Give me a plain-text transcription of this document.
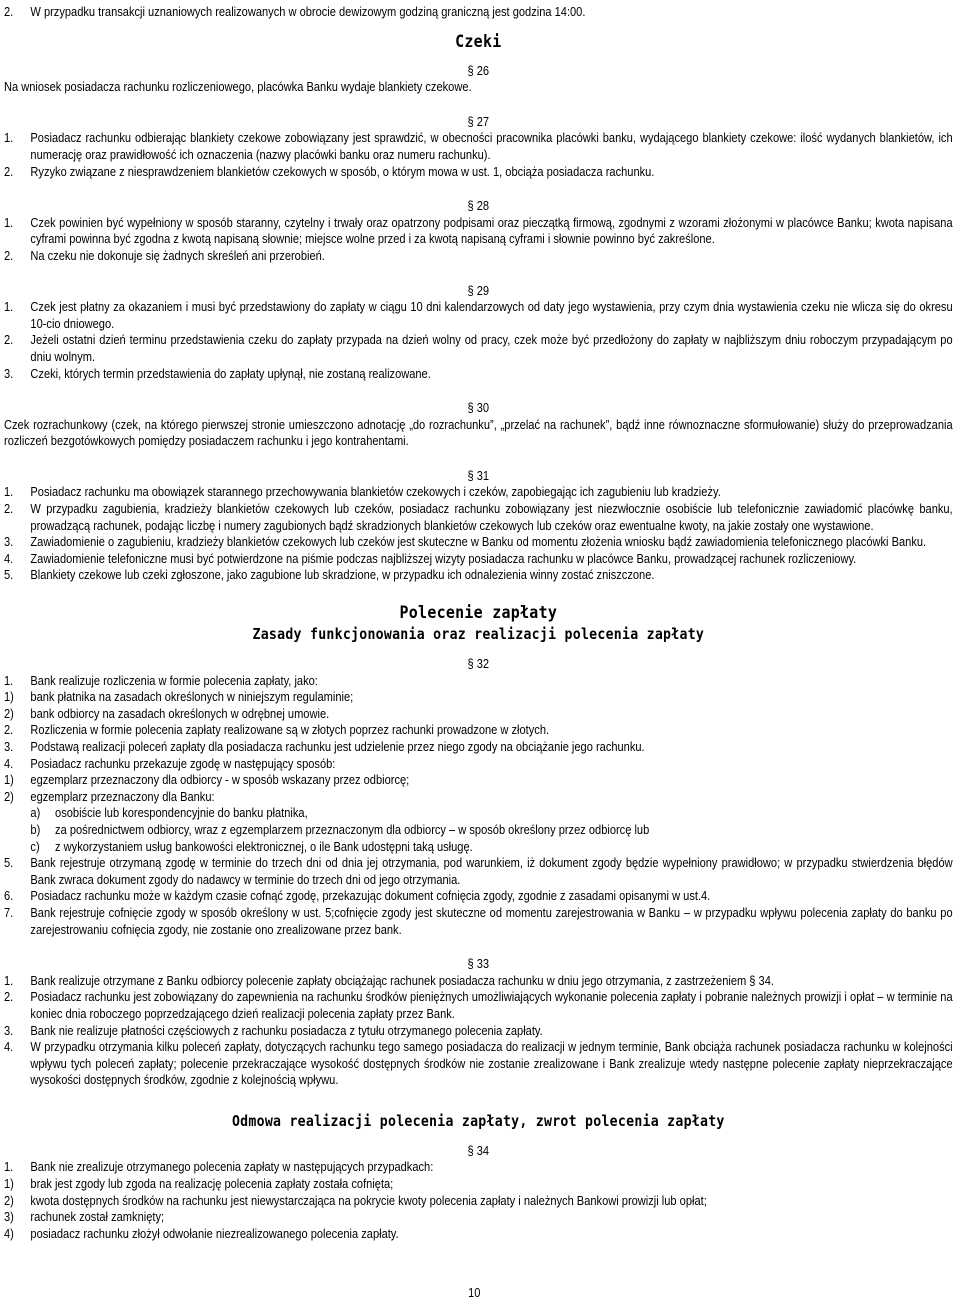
2.	W przypadku transakcji uznaniowych realizowanych w obrocie dewizowym godziną graniczną jest godzina 14:00.
Czeki
§ 26
Na wniosek posiadacza rachunku rozliczeniowego, placówka Banku wydaje blankiety czekowe.
§ 27
1.	Posiadacz rachunku odbierając blankiety czekowe zobowiązany jest sprawdzić, w obecności pracownika placówki banku, wydającego blankiety czekowe: ilość wydanych blankietów, ich numerację oraz prawidłowość ich oznaczenia (nazwy placówki banku oraz numeru rachunku).
2.	Ryzyko związane z niesprawdzeniem blankietów czekowych w sposób, o którym mowa w ust. 1, obciąża posiadacza rachunku.
§ 28
1.	Czek powinien być wypełniony w sposób staranny, czytelny i trwały oraz opatrzony podpisami oraz pieczątką firmową, zgodnymi z wzorami złożonymi w placówce Banku; kwota napisana cyframi powinna być zgodna z kwotą napisaną słownie; miejsce wolne przed i za kwotą napisaną cyframi i słownie powinno być zakreślone.
2.	Na czeku nie dokonuje się żadnych skreśleń ani przerobień.
§ 29
1.	Czek jest płatny za okazaniem i musi być przedstawiony do zapłaty w ciągu 10 dni kalendarzowych od daty jego wystawienia, przy czym dnia wystawienia czeku nie wlicza się do okresu 10-cio dniowego.
2.	Jeżeli ostatni dzień terminu przedstawienia czeku do zapłaty przypada na dzień wolny od pracy, czek może być przedłożony do zapłaty w najbliższym dniu roboczym przypadającym po dniu wolnym.
3.	Czeki, których termin przedstawienia do zapłaty upłynął, nie zostaną realizowane.
§ 30
Czek rozrachunkowy (czek, na którego pierwszej stronie umieszczono adnotację „do rozrachunku”, „przelać na rachunek”, bądź inne równoznaczne sformułowanie) służy do przeprowadzania rozliczeń bezgotówkowych pomiędzy posiadaczem rachunku i jego kontrahentami.
§ 31
1.	Posiadacz rachunku ma obowiązek starannego przechowywania blankietów czekowych i czeków, zapobiegając ich zagubieniu lub kradzieży.
2.	W przypadku zagubienia, kradzieży blankietów czekowych lub czeków, posiadacz rachunku zobowiązany jest niezwłocznie osobiście lub telefonicznie zawiadomić placówkę banku, prowadzącą rachunek, podając liczbę i numery zagubionych bądź skradzionych blankietów czekowych lub czeków oraz ewentualne kwoty, na jakie zostały one wystawione.
3.	Zawiadomienie o zagubieniu, kradzieży blankietów czekowych lub czeków jest skuteczne w Banku od momentu złożenia wniosku bądź zawiadomienia telefonicznego placówki Banku.
4.	Zawiadomienie telefoniczne musi być potwierdzone na piśmie podczas najbliższej wizyty posiadacza rachunku w placówce Banku, prowadzącej rachunek rozliczeniowy.
5.	Blankiety czekowe lub czeki zgłoszone, jako zagubione lub skradzione, w przypadku ich odnalezienia winny zostać zniszczone.
Polecenie zapłaty
Zasady funkcjonowania oraz realizacji polecenia zapłaty
§ 32
1.	Bank realizuje rozliczenia w formie polecenia zapłaty, jako:
1)	bank płatnika na zasadach określonych w niniejszym regulaminie;
2)	bank odbiorcy na zasadach określonych w odrębnej umowie.
2.	Rozliczenia w formie polecenia zapłaty realizowane są w złotych poprzez rachunki prowadzone w złotych.
3.	Podstawą realizacji poleceń zapłaty dla posiadacza rachunku jest udzielenie przez niego zgody na obciążanie jego rachunku.
4.	Posiadacz rachunku przekazuje zgodę w następujący sposób:
1)	egzemplarz przeznaczony dla odbiorcy - w sposób wskazany przez odbiorcę;
2)	egzemplarz przeznaczony dla Banku:
a)	osobiście lub korespondencyjnie do banku płatnika,
b)	za pośrednictwem odbiorcy, wraz z egzemplarzem przeznaczonym dla odbiorcy – w sposób określony przez odbiorcę lub
c)	z wykorzystaniem usług bankowości elektronicznej, o ile Bank udostępni taką usługę.
5.	Bank rejestruje otrzymaną zgodę w terminie do trzech dni od dnia jej otrzymania, pod warunkiem, iż dokument zgody będzie wypełniony prawidłowo; w przypadku stwierdzenia błędów Bank zwraca dokument zgody do nadawcy w terminie do trzech dni od jego otrzymania.
6.	Posiadacz rachunku może w każdym czasie cofnąć zgodę, przekazując dokument cofnięcia zgody, zgodnie z zasadami opisanymi w ust.4.
7.	Bank rejestruje cofnięcie zgody w sposób określony w ust. 5;cofnięcie zgody jest skuteczne od momentu zarejestrowania w Banku – w przypadku wpływu polecenia zapłaty do banku po zarejestrowaniu cofnięcia zgody, nie zostanie ono zrealizowane przez bank.
§ 33
1.	Bank realizuje otrzymane z Banku odbiorcy polecenie zapłaty obciążając rachunek posiadacza rachunku w dniu jego otrzymania, z zastrzeżeniem § 34.
2.	Posiadacz rachunku jest zobowiązany do zapewnienia na rachunku środków pieniężnych umożliwiających wykonanie polecenia zapłaty i pobranie należnych prowizji i opłat – w terminie na koniec dnia roboczego poprzedzającego dzień realizacji polecenia zapłaty przez Bank.
3.	Bank nie realizuje płatności częściowych z rachunku posiadacza z tytułu otrzymanego polecenia zapłaty.
4.	W przypadku otrzymania kilku poleceń zapłaty, dotyczących rachunku tego samego posiadacza do realizacji w jednym terminie, Bank obciąża rachunek posiadacza rachunku w kolejności wpływu tych poleceń zapłaty; polecenie przekraczające wysokość dostępnych środków nie zostanie zrealizowane i Bank zrealizuje wtedy następne polecenie zapłaty nieprzekraczające wysokości dostępnych środków, zgodnie z kolejnością wpływu.
Odmowa realizacji polecenia zapłaty, zwrot polecenia zapłaty
§ 34
1.	Bank nie zrealizuje otrzymanego polecenia zapłaty w następujących przypadkach:
1)	brak jest zgody lub zgoda na realizację polecenia zapłaty została cofnięta;
2)	kwota dostępnych środków na rachunku jest niewystarczająca na pokrycie kwoty polecenia zapłaty i należnych Bankowi prowizji lub opłat;
3)	rachunek został zamknięty;
4)	posiadacz rachunku złożył odwołanie niezrealizowanego polecenia zapłaty.
10
